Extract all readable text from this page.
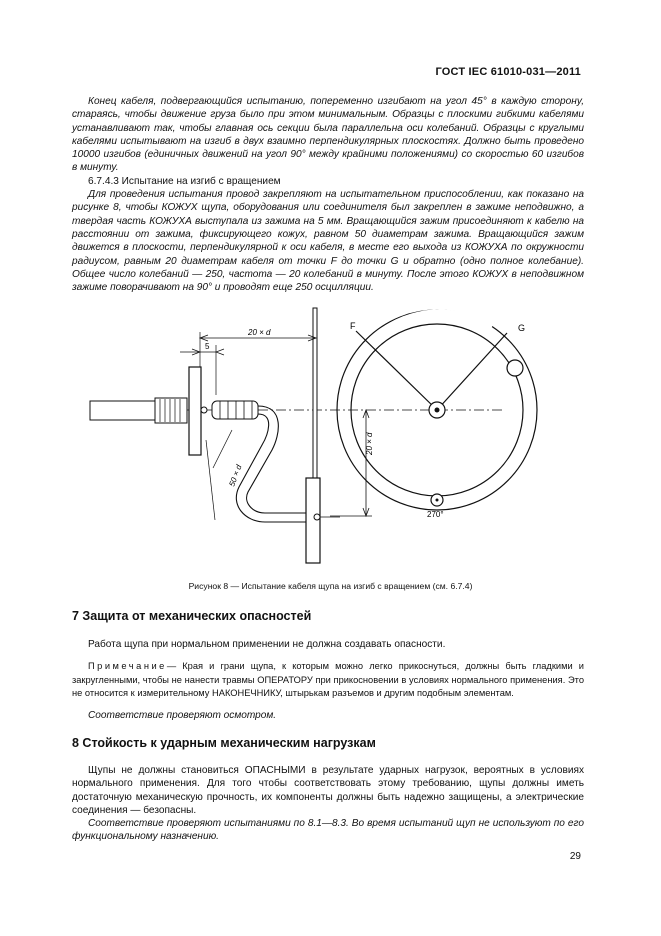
ГОСТ IEC 61010-031—2011

Конец кабеля, подвергающийся испытанию, попеременно изгибают на угол 45° в каждую сторону, стараясь, чтобы движение груза было при этом минимальным. Образцы с плоскими гибкими кабелями устанавливают так, чтобы главная ось секции была параллельна оси колебаний. Образцы с круглыми кабелями испытывают на изгиб в двух взаимно перпендикулярных плоскостях. Должно быть проведено 10000 изгибов (единичных движений на угол 90° между крайними положениями) со скоростью 60 изгибов в минуту.

6.7.4.3 Испытание на изгиб с вращением

Для проведения испытания провод закрепляют на испытательном приспособлении, как показано на рисунке 8, чтобы КОЖУХ щупа, оборудования или соединителя был закреплен в зажиме неподвижно, а твердая часть КОЖУХА выступала из зажима на 5 мм. Вращающийся зажим присоединяют к кабелю на расстоянии от зажима, фиксирующего кожух, равном 50 диаметрам зажима. Вращающийся зажим движется в плоскости, перпендикулярной к оси кабеля, в месте его выхода из КОЖУХА по окружности радиусом, равным 20 диаметрам кабеля от точки F до точки G и обратно (одно полное колебание). Общее число колебаний — 250, частота — 20 колебаний в минуту. После этого КОЖУХ в неподвижном зажиме поворачивают на 90° и проводят еще 250 осцилляции.

F	G
270°
20 × d
20 × d
5
50 × d
Рисунок 8 — Испытание кабеля щупа на изгиб с вращением (см. 6.7.4)
7 Защита от механических опасностей

Работа щупа при нормальном применении не должна создавать опасности.

Примечание— Края и грани щупа, к которым можно легко прикоснуться, должны быть гладкими и закругленными, чтобы не нанести травмы ОПЕРАТОРУ при прикосновении в условиях нормального применения. Это не относится к измерительному НАКОНЕЧНИКУ, штырькам разъемов и другим подобным элементам.

Соответствие проверяют осмотром.

8 Стойкость к ударным механическим нагрузкам

Щупы не должны становиться ОПАСНЫМИ в результате ударных нагрузок, вероятных в условиях нормального применения. Для того чтобы соответствовать этому требованию, щупы должны иметь достаточную механическую прочность, их компоненты должны быть надежно защищены, а электрические соединения — безопасны.

Соответствие проверяют испытаниями по 8.1—8.3. Во время испытаний щуп не используют по его функциональному назначению.

29
